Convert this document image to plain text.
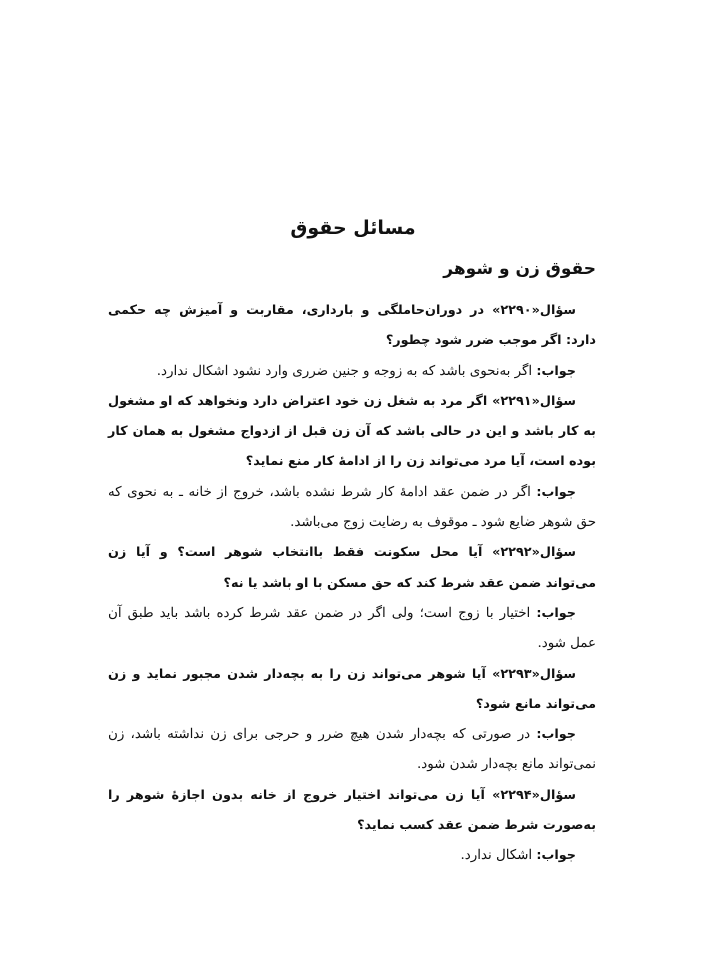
مسائل حقوق
حقوق زن و شوهر

سؤال«۲۲۹۰» در دوران‌حاملگی و بارداری، مقاربت و آمیزش چه حکمی دارد: اگر موجب ضرر شود چطور؟

جواب: اگر به‌نحوی باشد که به زوجه و جنین ضرری وارد نشود اشکال ندارد.

سؤال«۲۲۹۱» اگر مرد به شغل زن خود اعتراض دارد ونخواهد که او مشغول به کار باشد و این در حالی باشد که آن زن قبل از ازدواج مشغول به همان کار بوده است، آیا مرد می‌تواند زن را از ادامهٔ کار منع نماید؟

جواب: اگر در ضمن عقد ادامهٔ کار شرط نشده باشد، خروج از خانه ـ به نحوی که حق شوهر ضایع شود ـ موقوف به رضایت زوج می‌باشد.

سؤال«۲۲۹۲» آیا محل سکونت فقط باانتخاب شوهر است؟ و آیا زن می‌تواند ضمن عقد شرط کند که حق مسکن با او باشد یا نه؟

جواب: اختیار با زوج است؛ ولی اگر در ضمن عقد شرط کرده باشد باید طبق آن عمل شود.

سؤال«۲۲۹۳» آیا شوهر می‌تواند زن را به بچه‌دار شدن مجبور نماید و زن می‌تواند مانع شود؟

جواب: در صورتی که بچه‌دار شدن هیچ ضرر و حرجی برای زن نداشته باشد، زن نمی‌تواند مانع بچه‌دار شدن شود.

سؤال«۲۲۹۴» آیا زن می‌تواند اختیار خروج از خانه بدون اجازهٔ شوهر را به‌صورت شرط ضمن عقد کسب نماید؟

جواب: اشکال ندارد.
